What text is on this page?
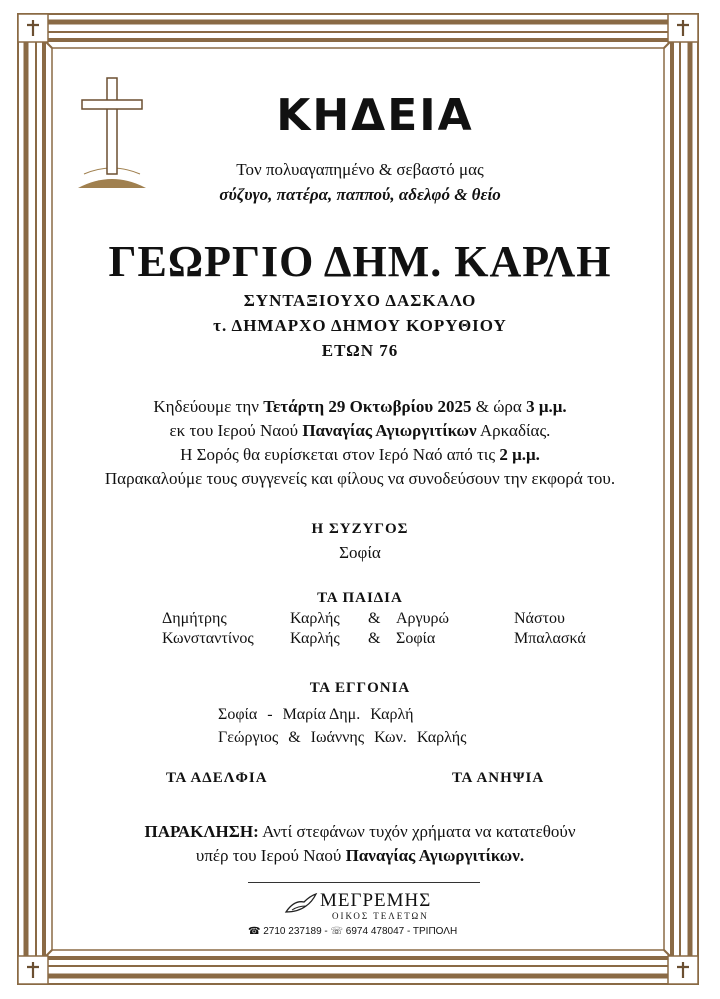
ΚΗΔΕΙΑ
Τον πολυαγαπημένο & σεβαστό μας
σύζυγο, πατέρα, παππού, αδελφό & θείο
ΓΕΩΡΓΙΟ ΔΗΜ. ΚΑΡΛΗ
ΣΥΝΤΑΞΙΟΥΧΟ ΔΑΣΚΑΛΟ
τ. ΔΗΜΑΡΧΟ ΔΗΜΟΥ ΚΟΡΥΘΙΟΥ
ΕΤΩΝ 76
Κηδεύουμε την Τετάρτη 29 Οκτωβρίου 2025 & ώρα 3 μ.μ.
εκ του Ιερού Ναού Παναγίας Αγιωργιτίκων Αρκαδίας.
Η Σορός θα ευρίσκεται στον Ιερό Ναό από τις 2 μ.μ.
Παρακαλούμε τους συγγενείς και φίλους να συνοδεύσουν την εκφορά του.
Η ΣΥΖΥΓΟΣ
Σοφία
ΤΑ ΠΑΙΔΙΑ
Δημήτρης	Καρλής	& Αργυρώ	Νάστου
Κωνσταντίνος	Καρλής	& Σοφία	Μπαλασκά
ΤΑ ΕΓΓΟΝΙΑ
Σοφία - Μαρία Δημ. Καρλή
Γεώργιος & Ιωάννης Κων. Καρλής
ΤΑ ΑΔΕΛΦΙΑ	ΤΑ ΑΝΗΨΙΑ
ΠΑΡΑΚΛΗΣΗ: Αντί στεφάνων τυχόν χρήματα να κατατεθούν
υπέρ του Ιερού Ναού Παναγίας Αγιωργιτίκων.
ΜΕΓΡΕΜΗΣ
ΟΙΚΟΣ ΤΕΛΕΤΩΝ
☎ 2710 237189 - ☏ 6974 478047 - ΤΡΙΠΟΛΗ
